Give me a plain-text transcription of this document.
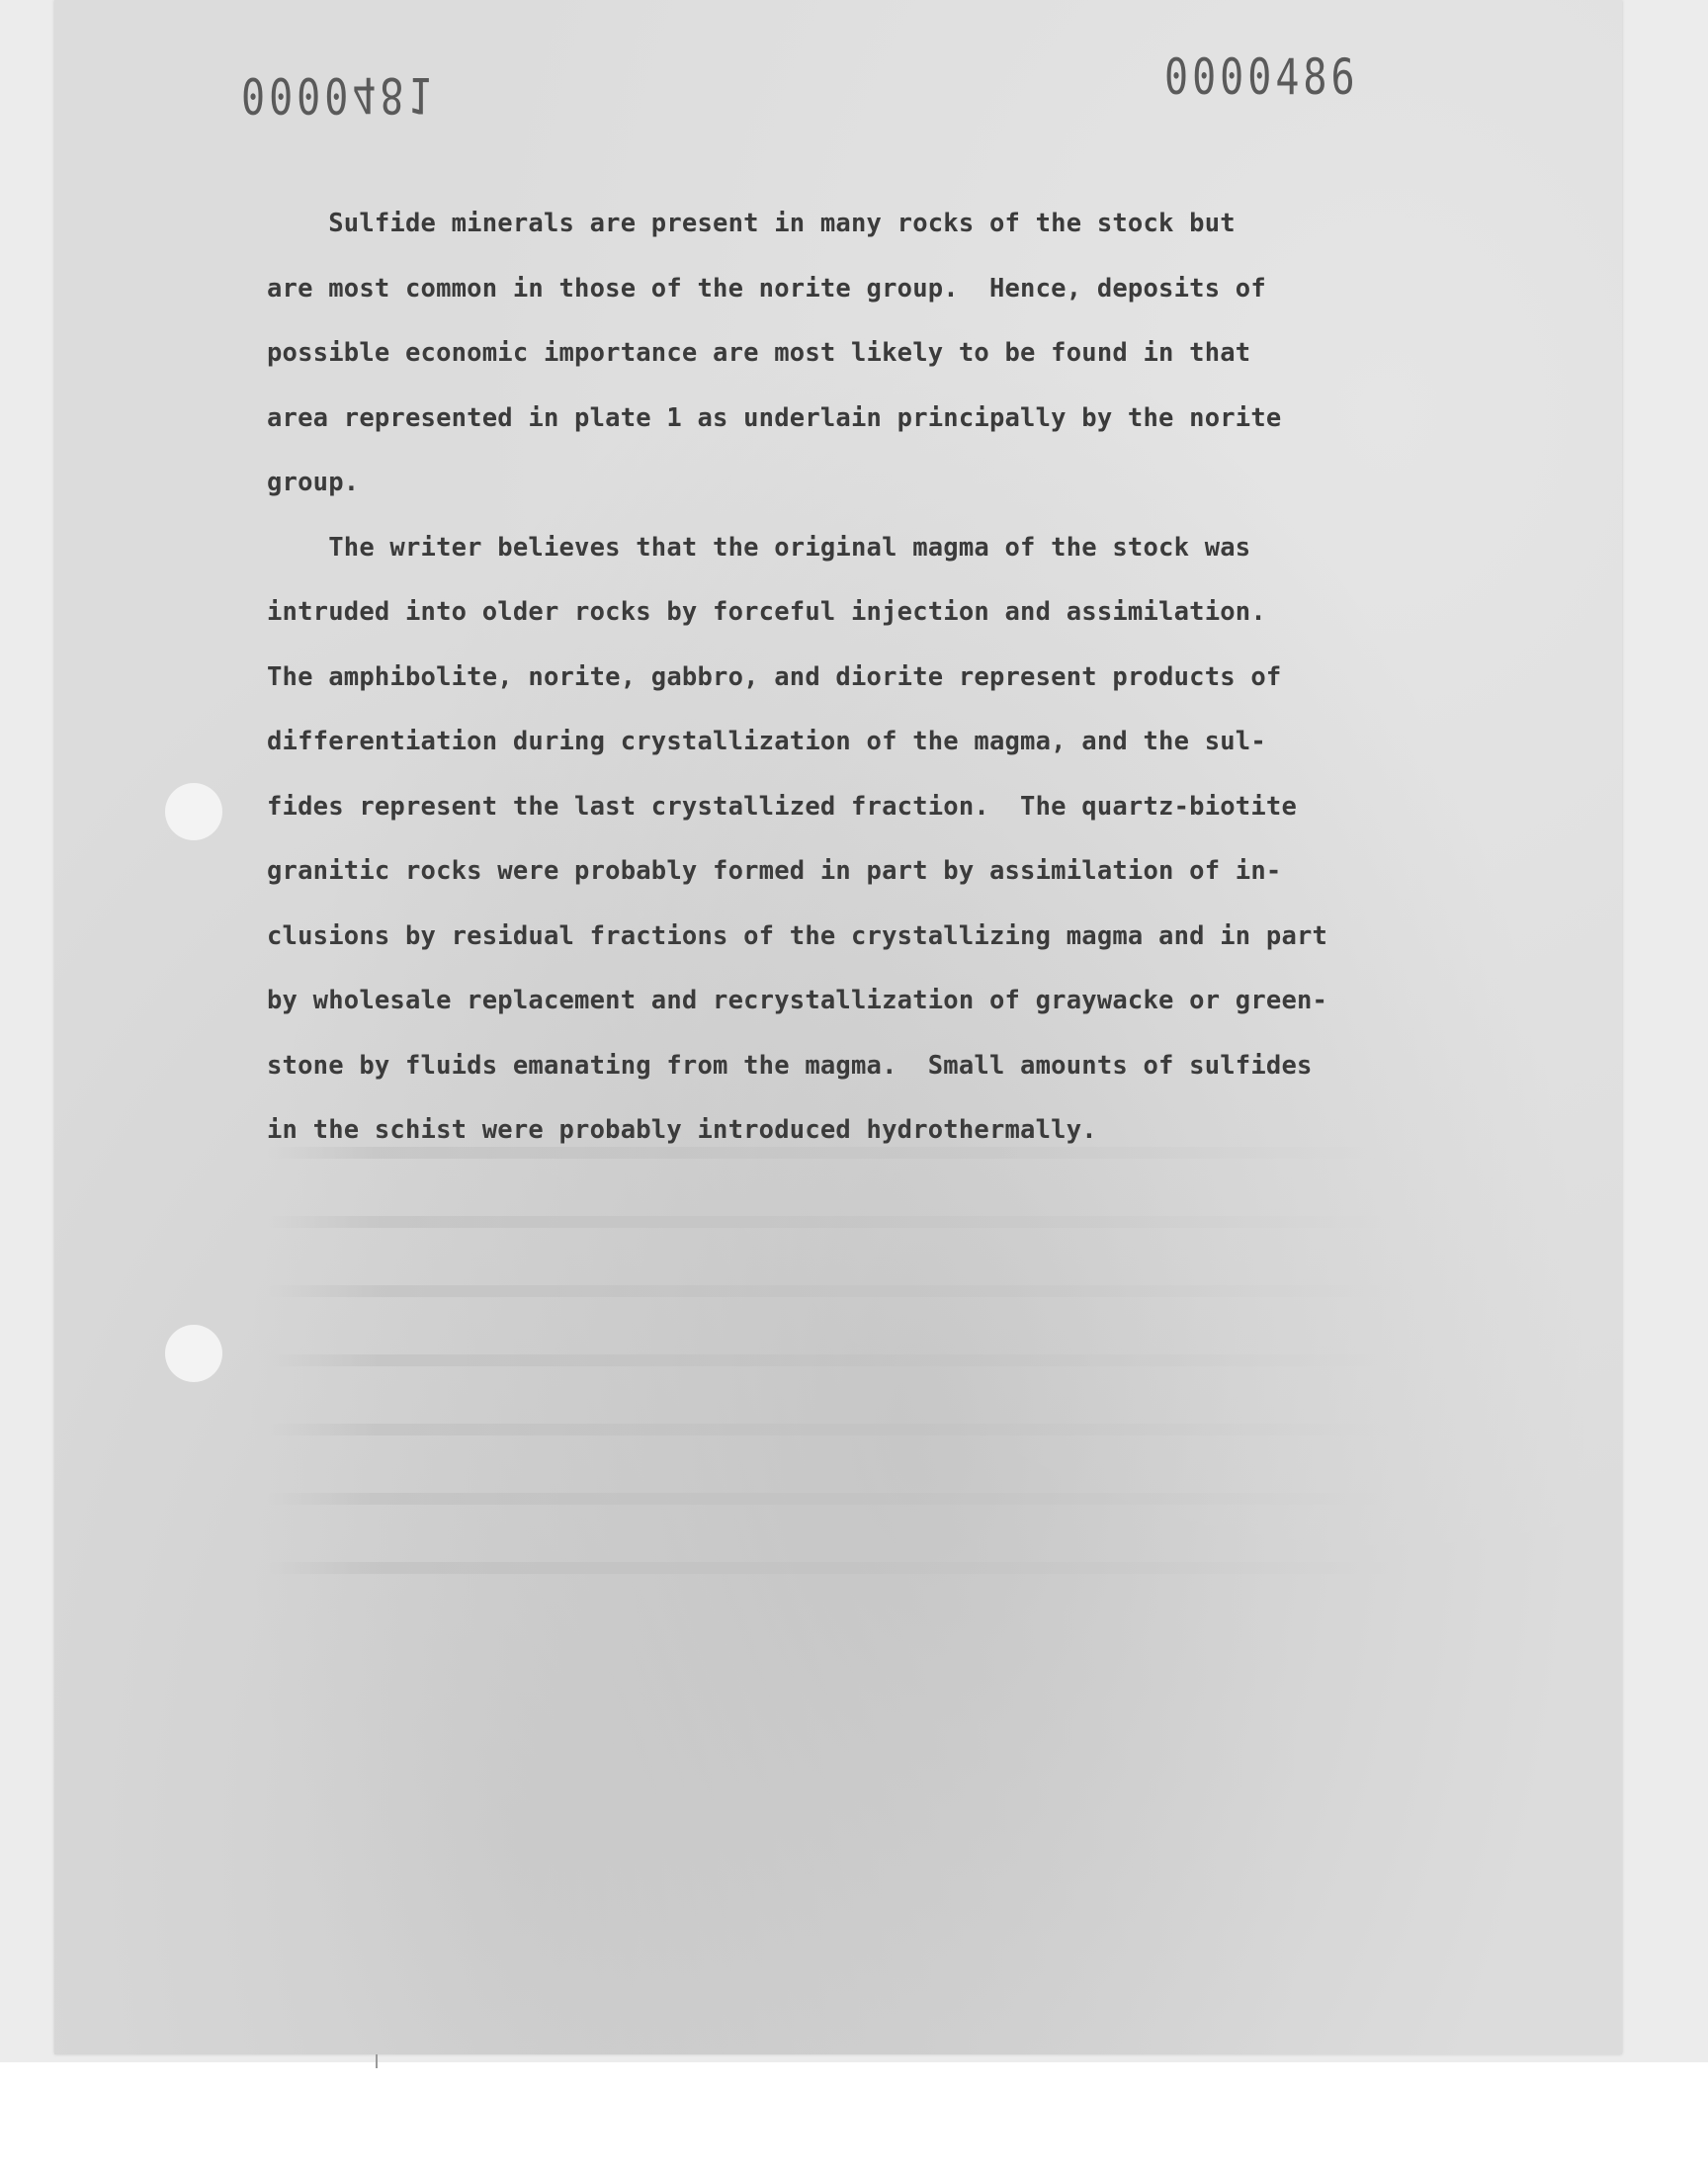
0000481	0000486
Sulfide minerals are present in many rocks of the stock but
are most common in those of the norite group.  Hence, deposits of
possible economic importance are most likely to be found in that
area represented in plate 1 as underlain principally by the norite
group.
The writer believes that the original magma of the stock was
intruded into older rocks by forceful injection and assimilation.
The amphibolite, norite, gabbro, and diorite represent products of
differentiation during crystallization of the magma, and the sul-
fides represent the last crystallized fraction.  The quartz-biotite
granitic rocks were probably formed in part by assimilation of in-
clusions by residual fractions of the crystallizing magma and in part
by wholesale replacement and recrystallization of graywacke or green-
stone by fluids emanating from the magma.  Small amounts of sulfides
in the schist were probably introduced hydrothermally.
